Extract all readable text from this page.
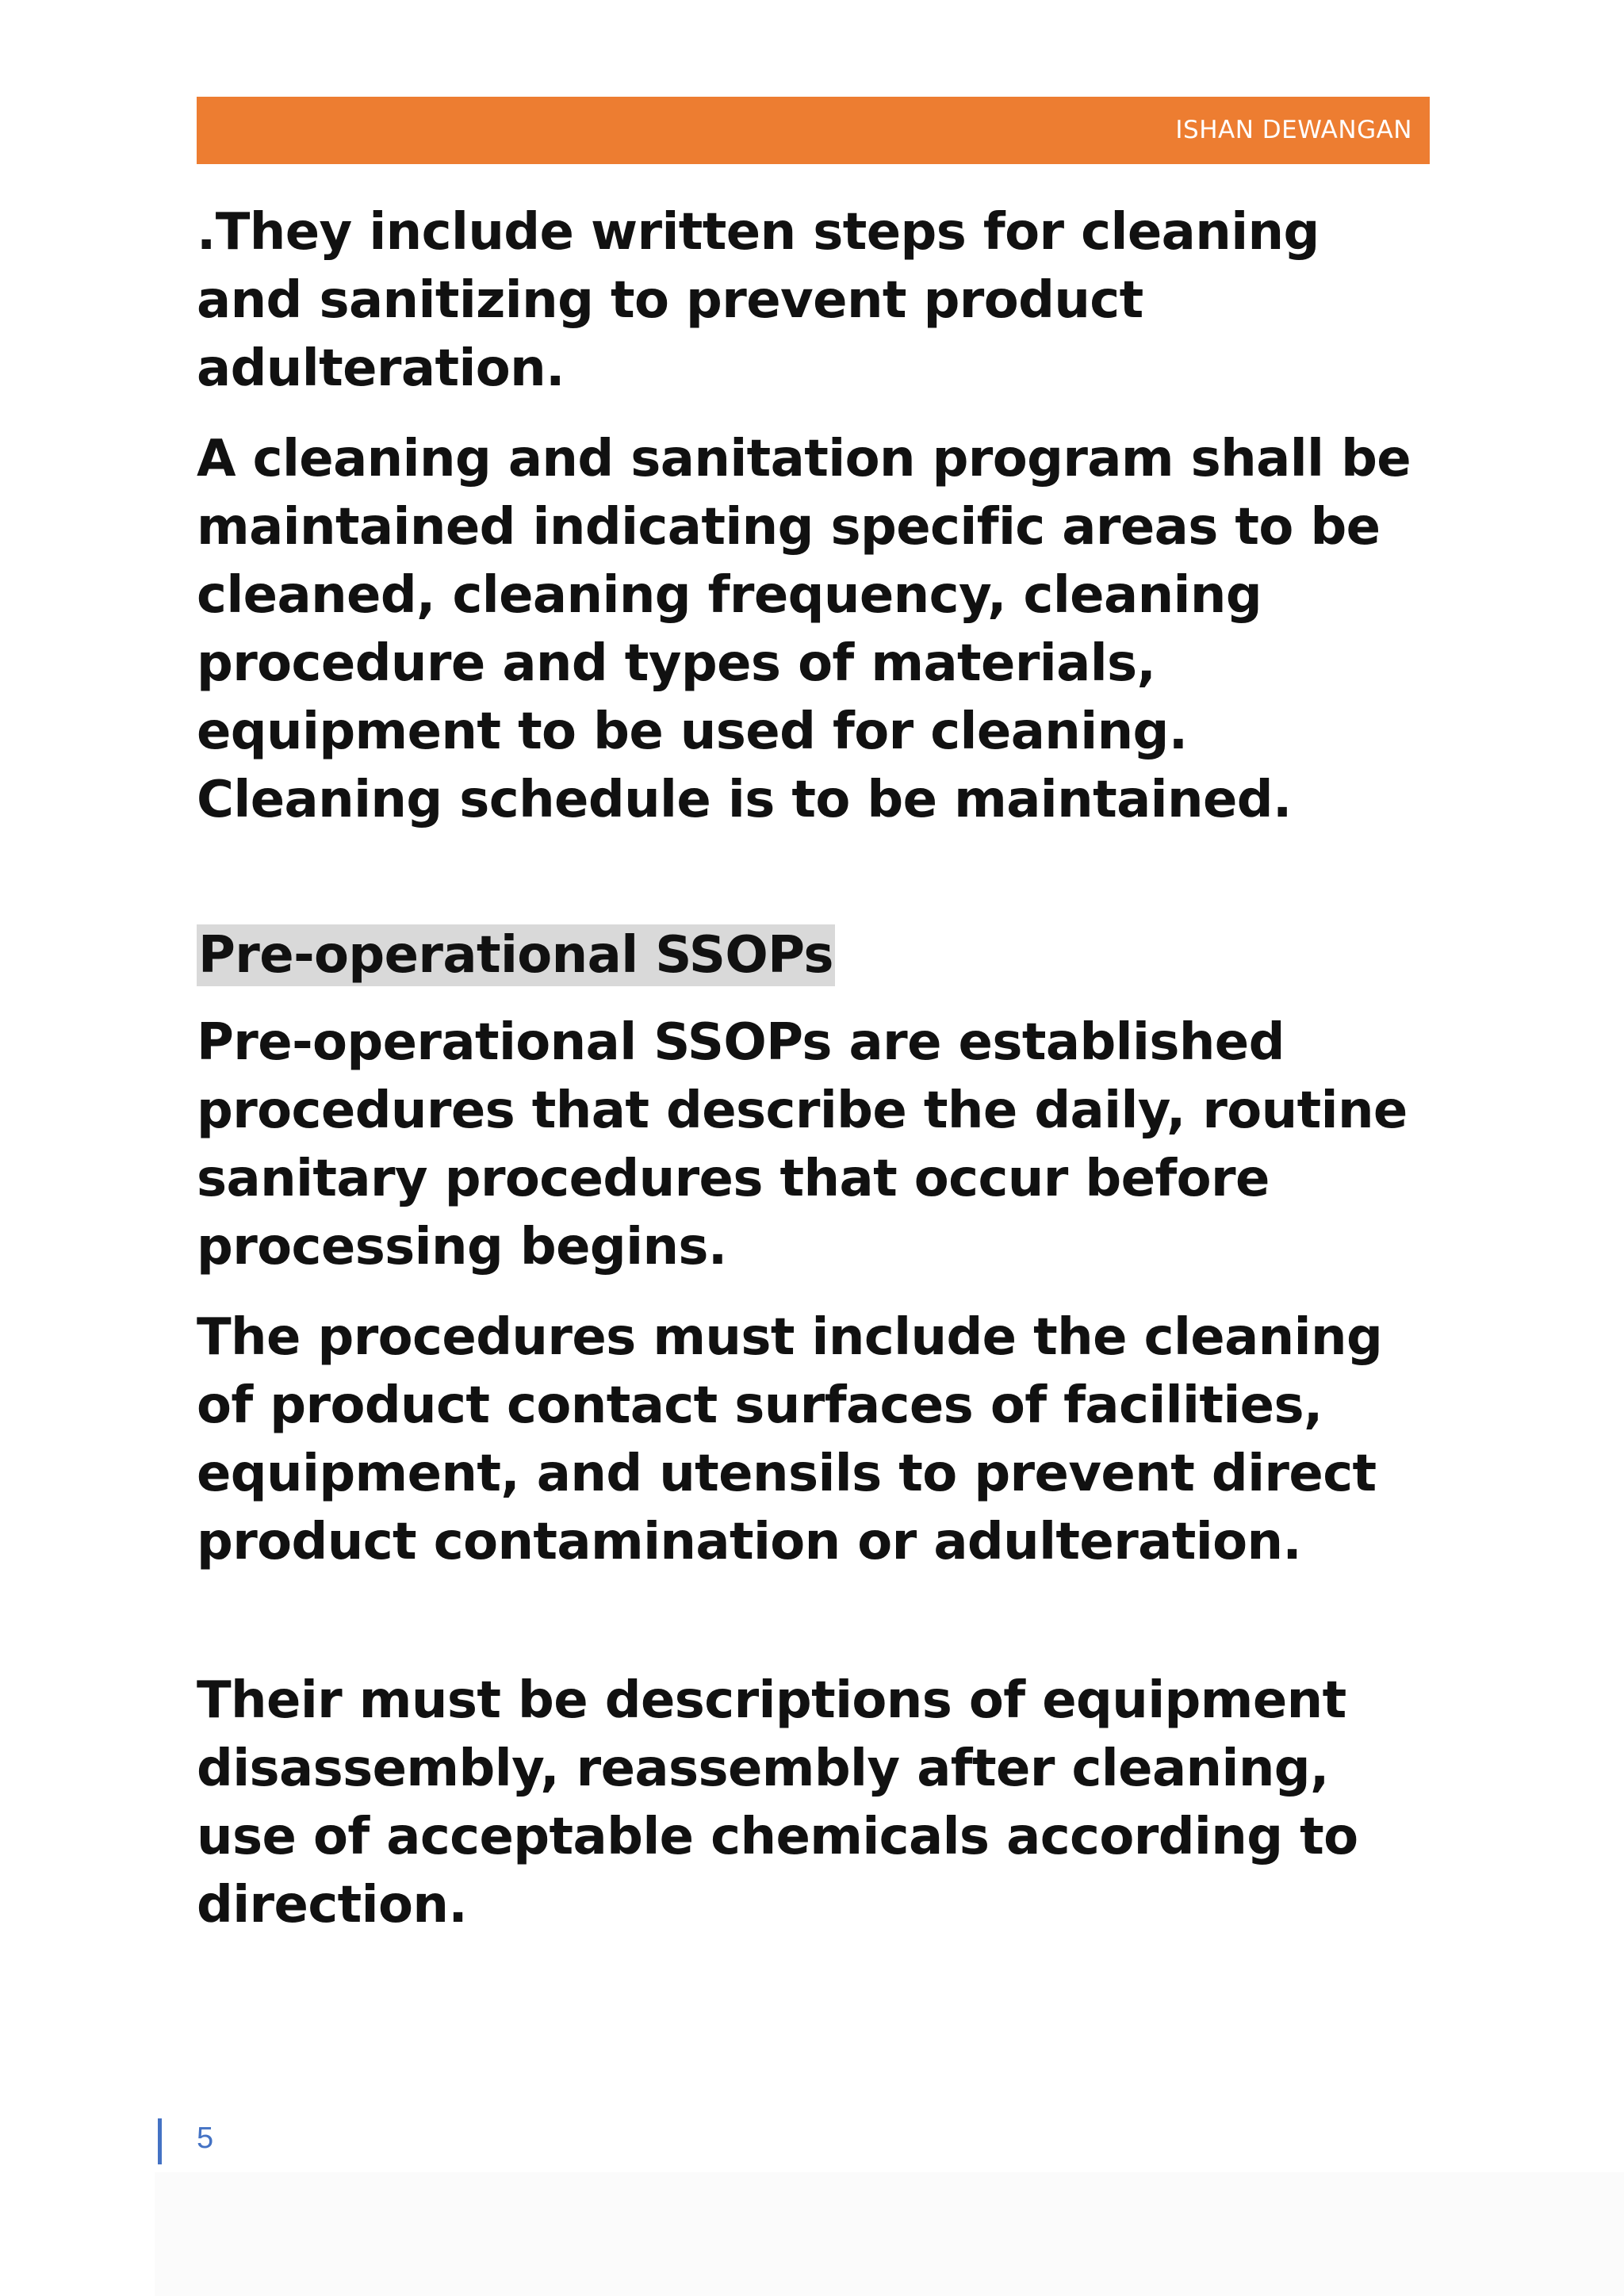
ISHAN DEWANGAN

.They include written steps for cleaning and sanitizing to prevent product adulteration.

A cleaning and sanitation program shall be maintained indicating specific areas to be cleaned, cleaning frequency, cleaning procedure and types of materials, equipment to be used for cleaning. Cleaning schedule is to be maintained.

Pre-operational SSOPs

Pre-operational SSOPs are established procedures that describe the daily, routine sanitary procedures that occur before processing begins.

The procedures must include the cleaning of product contact surfaces of facilities, equipment, and utensils to prevent direct product contamination or adulteration.

Their must be descriptions of equipment disassembly, reassembly after cleaning, use of acceptable chemicals according to direction.

5
